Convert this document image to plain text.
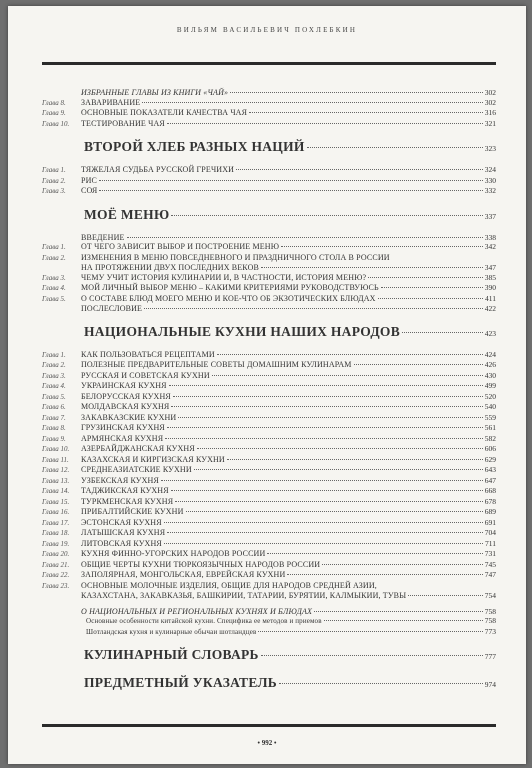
ВИЛЬЯМ ВАСИЛЬЕВИЧ ПОХЛЕБКИН
ИЗБРАННЫЕ ГЛАВЫ ИЗ КНИГИ «ЧАЙ»	302
Глава 8.	ЗАВАРИВАНИЕ	302
Глава 9.	ОСНОВНЫЕ ПОКАЗАТЕЛИ КАЧЕСТВА ЧАЯ	316
Глава 10.	ТЕСТИРОВАНИЕ ЧАЯ	321
ВТОРОЙ ХЛЕБ РАЗНЫХ НАЦИЙ	323
Глава 1.	ТЯЖЕЛАЯ СУДЬБА РУССКОЙ ГРЕЧИХИ	324
Глава 2.	РИС	330
Глава 3.	СОЯ	332
МОЁ МЕНЮ	337
ВВЕДЕНИЕ	338
Глава 1.	ОТ ЧЕГО ЗАВИСИТ ВЫБОР И ПОСТРОЕНИЕ МЕНЮ	342
Глава 2.	ИЗМЕНЕНИЯ В МЕНЮ ПОВСЕДНЕВНОГО И ПРАЗДНИЧНОГО СТОЛА В РОССИИ
НА ПРОТЯЖЕНИИ ДВУХ ПОСЛЕДНИХ ВЕКОВ	347
Глава 3.	ЧЕМУ УЧИТ ИСТОРИЯ КУЛИНАРИИ И, В ЧАСТНОСТИ, ИСТОРИЯ МЕНЮ?	385
Глава 4.	МОЙ ЛИЧНЫЙ ВЫБОР МЕНЮ – КАКИМИ КРИТЕРИЯМИ РУКОВОДСТВУЮСЬ	390
Глава 5.	О СОСТАВЕ БЛЮД МОЕГО МЕНЮ И КОЕ-ЧТО ОБ ЭКЗОТИЧЕСКИХ БЛЮДАХ	411
ПОСЛЕСЛОВИЕ	422
НАЦИОНАЛЬНЫЕ КУХНИ НАШИХ НАРОДОВ	423
Глава 1.	КАК ПОЛЬЗОВАТЬСЯ РЕЦЕПТАМИ	424
Глава 2.	ПОЛЕЗНЫЕ ПРЕДВАРИТЕЛЬНЫЕ СОВЕТЫ ДОМАШНИМ КУЛИНАРАМ	426
Глава 3.	РУССКАЯ И СОВЕТСКАЯ КУХНИ	430
Глава 4.	УКРАИНСКАЯ КУХНЯ	499
Глава 5.	БЕЛОРУССКАЯ КУХНЯ	520
Глава 6.	МОЛДАВСКАЯ КУХНЯ	540
Глава 7.	ЗАКАВКАЗСКИЕ КУХНИ	559
Глава 8.	ГРУЗИНСКАЯ КУХНЯ	561
Глава 9.	АРМЯНСКАЯ КУХНЯ	582
Глава 10.	АЗЕРБАЙДЖАНСКАЯ КУХНЯ	606
Глава 11.	КАЗАХСКАЯ И КИРГИЗСКАЯ КУХНИ	629
Глава 12.	СРЕДНЕАЗИАТСКИЕ КУХНИ	643
Глава 13.	УЗБЕКСКАЯ КУХНЯ	647
Глава 14.	ТАДЖИКСКАЯ КУХНЯ	668
Глава 15.	ТУРКМЕНСКАЯ КУХНЯ	678
Глава 16.	ПРИБАЛТИЙСКИЕ КУХНИ	689
Глава 17.	ЭСТОНСКАЯ КУХНЯ	691
Глава 18.	ЛАТЫШСКАЯ КУХНЯ	704
Глава 19.	ЛИТОВСКАЯ КУХНЯ	711
Глава 20.	КУХНЯ ФИННО-УГОРСКИХ НАРОДОВ РОССИИ	731
Глава 21.	ОБЩИЕ ЧЕРТЫ КУХНИ ТЮРКОЯЗЫЧНЫХ НАРОДОВ РОССИИ	745
Глава 22.	ЗАПОЛЯРНАЯ, МОНГОЛЬСКАЯ, ЕВРЕЙСКАЯ КУХНИ	747
Глава 23.	ОСНОВНЫЕ МОЛОЧНЫЕ ИЗДЕЛИЯ, ОБЩИЕ ДЛЯ НАРОДОВ СРЕДНЕЙ АЗИИ,
КАЗАХСТАНА, ЗАКАВКАЗЬЯ, БАШКИРИИ, ТАТАРИИ, БУРЯТИИ, КАЛМЫКИИ, ТУВЫ	754
О НАЦИОНАЛЬНЫХ И РЕГИОНАЛЬНЫХ КУХНЯХ И БЛЮДАХ	758
Основные особенности китайской кухни. Специфика ее методов и приемов	758
Шотландская кухня и кулинарные обычаи шотландцев	773
КУЛИНАРНЫЙ СЛОВАРЬ	777
ПРЕДМЕТНЫЙ УКАЗАТЕЛЬ	974
• 992 •
